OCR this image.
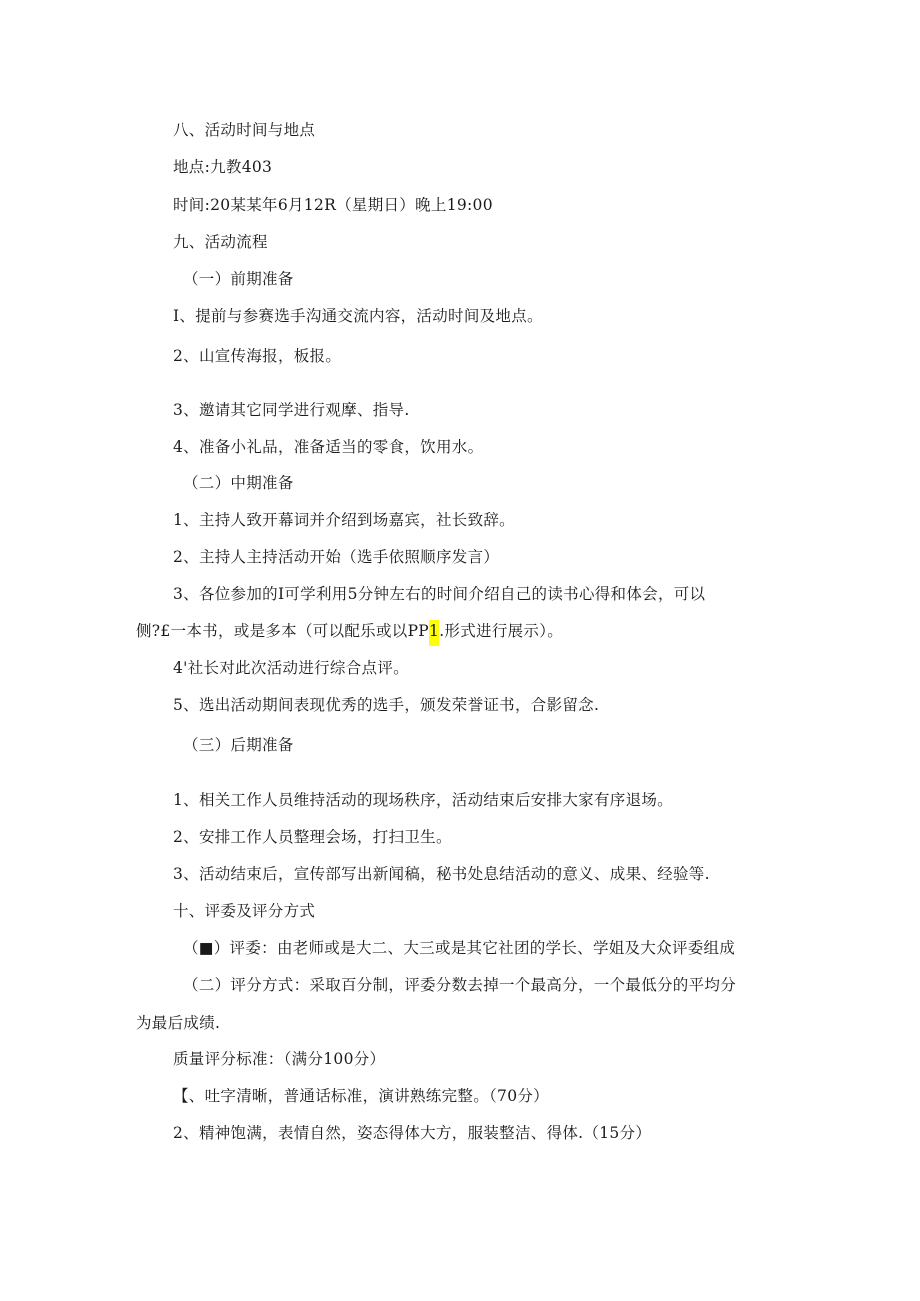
八、活动时间与地点
地点:九教403
时间:20某某年6月12R（星期日）晚上19:00
九、活动流程
（一）前期准备
I、提前与参赛选手沟通交流内容，活动时间及地点。
2、山宣传海报，板报。
3、邀请其它同学进行观摩、指导.
4、准备小礼品，准备适当的零食，饮用水。
（二）中期准备
1、主持人致开幕词并介绍到场嘉宾，社长致辞。
2、主持人主持活动开始（选手依照顺序发言）
3、各位参加的I可学利用5分钟左右的时间介绍自己的读书心得和体会，可以
侧?£一本书，或是多本（可以配乐或以PP1.形式进行展示）。
4'社长对此次活动进行综合点评。
5、选出活动期间表现优秀的选手，颁发荣誉证书，合影留念.
（三）后期准备
1、相关工作人员维持活动的现场秩序，活动结束后安排大家有序退场。
2、安排工作人员整理会场，打扫卫生。
3、活动结束后，宣传部写出新闻稿，秘书处息结活动的意义、成果、经验等.
十、评委及评分方式
（■）评委：由老师或是大二、大三或是其它社团的学长、学姐及大众评委组成
（二）评分方式：采取百分制，评委分数去掉一个最高分，一个最低分的平均分
为最后成绩.
质量评分标准：（满分100分）
【、吐字清晰，普通话标准，演讲熟练完整。（70分）
2、精神饱满，表情自然，姿态得体大方，服装整洁、得体.（15分）
